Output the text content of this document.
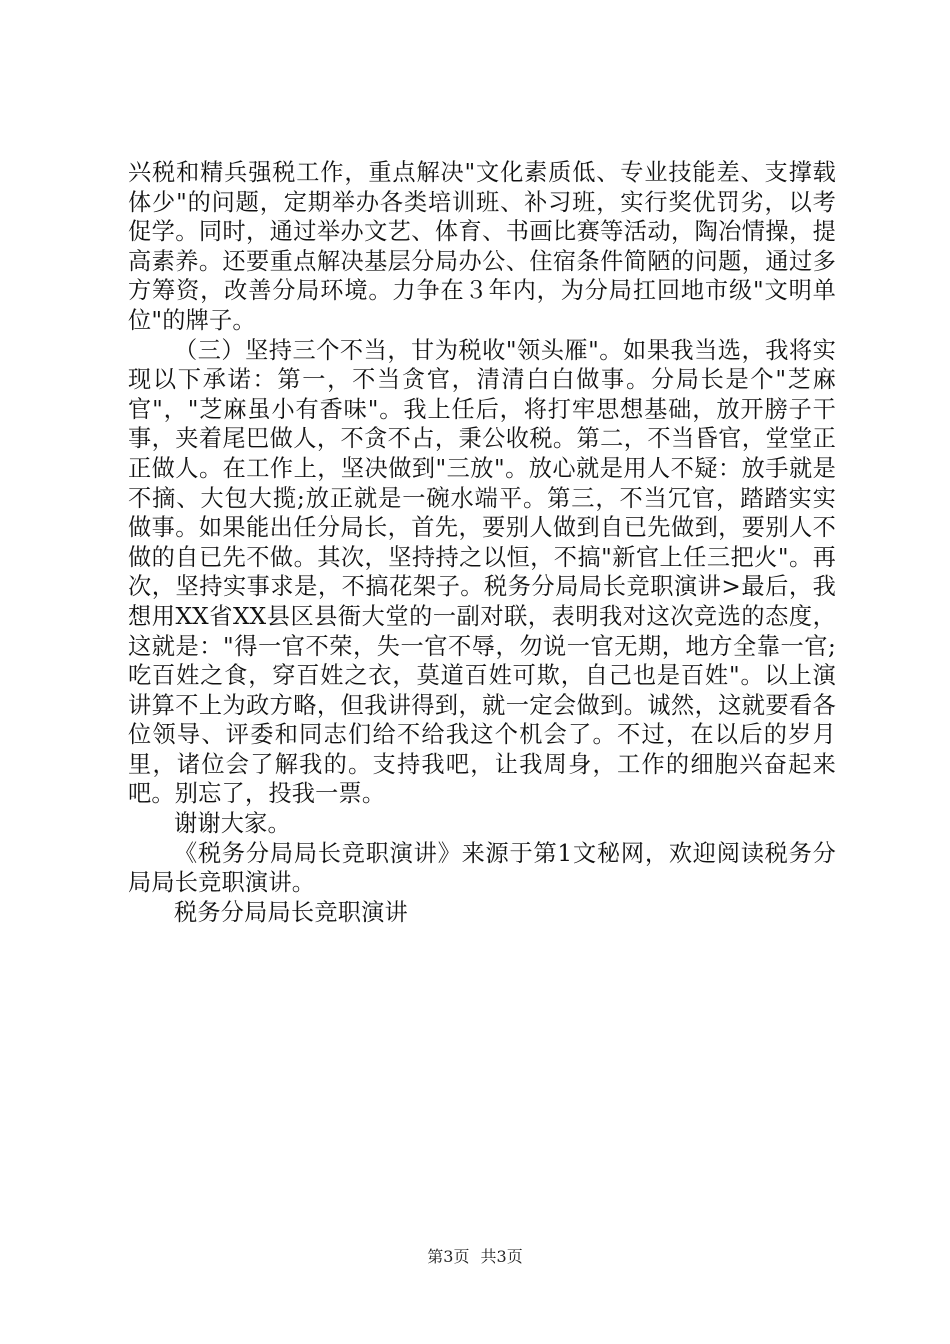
兴税和精兵强税工作，重点解决"文化素质低、专业技能差、支撑载体少"的问题，定期举办各类培训班、补习班，实行奖优罚劣，以考促学。同时，通过举办文艺、体育、书画比赛等活动，陶冶情操，提高素养。还要重点解决基层分局办公、住宿条件简陋的问题，通过多方筹资，改善分局环境。力争在３年内，为分局扛回地市级"文明单位"的牌子。

（三）坚持三个不当，甘为税收"领头雁"。如果我当选，我将实现以下承诺：第一，不当贪官，清清白白做事。分局长是个"芝麻官"，"芝麻虽小有香味"。我上任后，将打牢思想基础，放开膀子干事，夹着尾巴做人，不贪不占，秉公收税。第二，不当昏官，堂堂正正做人。在工作上，坚决做到"三放"。放心就是用人不疑：放手就是不摘、大包大揽;放正就是一碗水端平。第三，不当冗官，踏踏实实做事。如果能出任分局长，首先，要别人做到自已先做到，要别人不做的自已先不做。其次，坚持持之以恒，不搞"新官上任三把火"。再次，坚持实事求是，不搞花架子。税务分局局长竞职演讲>最后，我想用XX省XX县区县衙大堂的一副对联，表明我对这次竞选的态度，这就是："得一官不荣，失一官不辱，勿说一官无期，地方全靠一官;吃百姓之食，穿百姓之衣，莫道百姓可欺，自己也是百姓"。以上演讲算不上为政方略，但我讲得到，就一定会做到。诚然，这就要看各位领导、评委和同志们给不给我这个机会了。不过，在以后的岁月里，诸位会了解我的。支持我吧，让我周身，工作的细胞兴奋起来吧。别忘了，投我一票。

谢谢大家。

《税务分局局长竞职演讲》来源于第1文秘网，欢迎阅读税务分局局长竞职演讲。

税务分局局长竞职演讲

第3页 共3页
